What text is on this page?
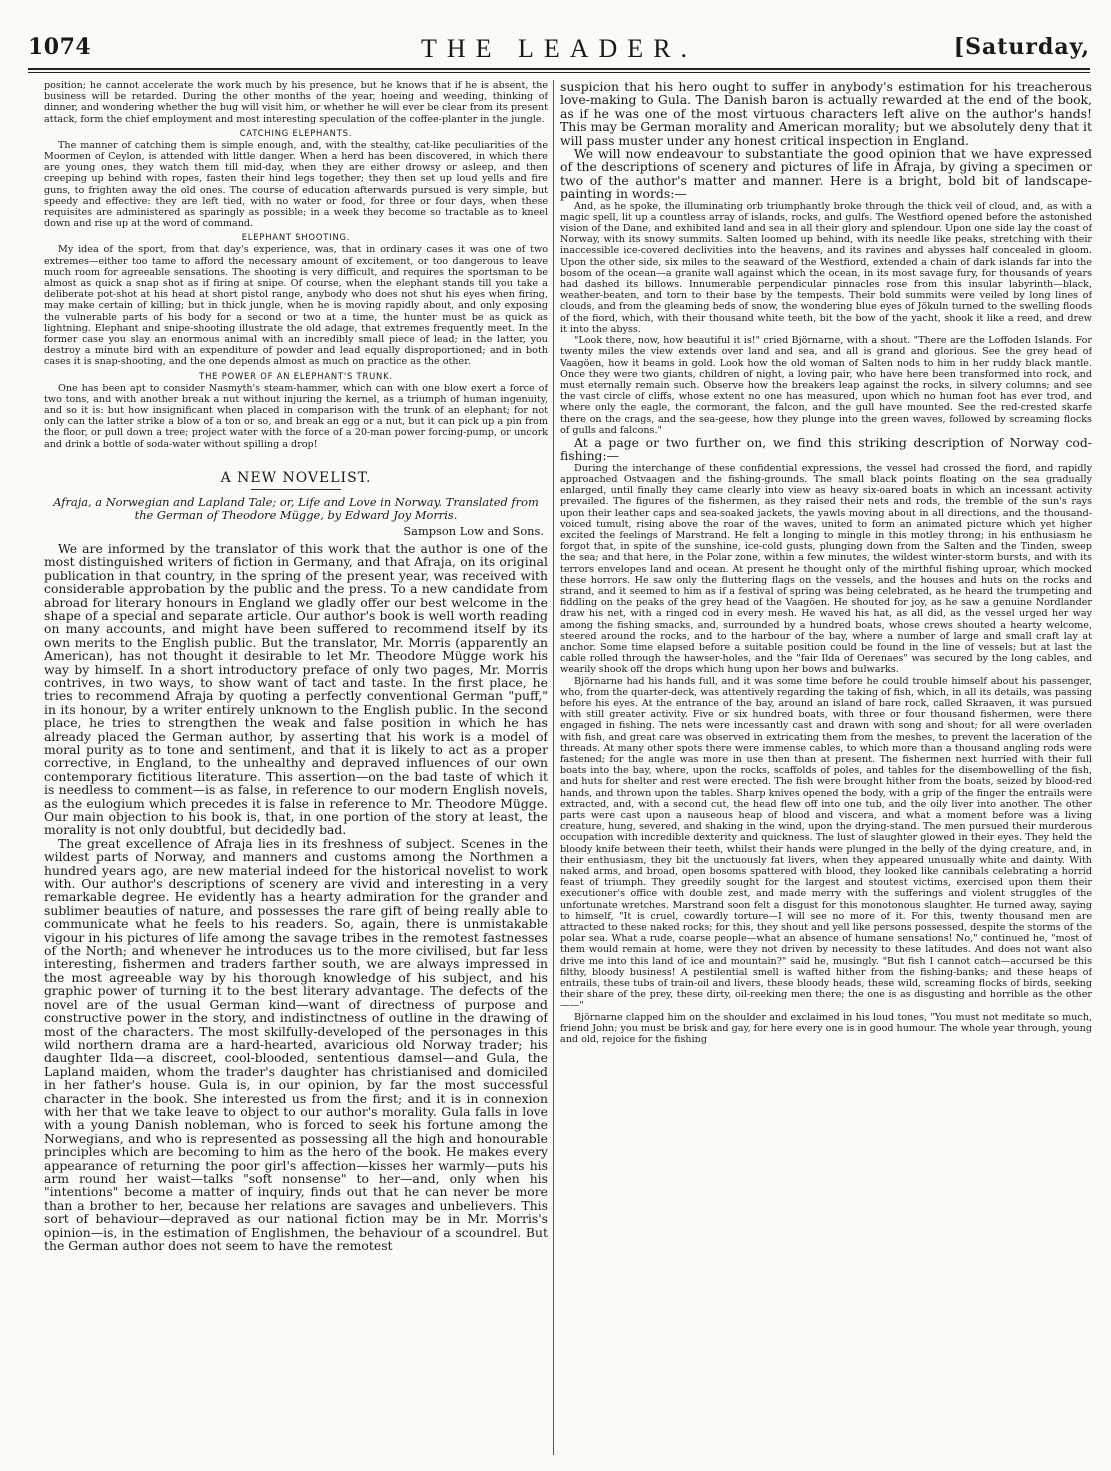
1074	THE LEADER.	[Saturday,

position; he cannot accelerate the work much by his presence, but he knows that if he is absent, the business will be retarded. During the other months of the year, hoeing and weeding, thinking of dinner, and wondering whether the bug will visit him, or whether he will ever be clear from its present attack, form the chief employment and most interesting speculation of the coffee-planter in the jungle.

CATCHING ELEPHANTS.

The manner of catching them is simple enough, and, with the stealthy, cat-like peculiarities of the Moormen of Ceylon, is attended with little danger. When a herd has been discovered, in which there are young ones, they watch them till mid-day, when they are either drowsy or asleep, and then creeping up behind with ropes, fasten their hind legs together; they then set up loud yells and fire guns, to frighten away the old ones. The course of education afterwards pursued is very simple, but speedy and effective: they are left tied, with no water or food, for three or four days, when these requisites are administered as sparingly as possible; in a week they become so tractable as to kneel down and rise up at the word of command.

ELEPHANT SHOOTING.

My idea of the sport, from that day's experience, was, that in ordinary cases it was one of two extremes—either too tame to afford the necessary amount of excitement, or too dangerous to leave much room for agreeable sensations. The shooting is very difficult, and requires the sportsman to be almost as quick a snap shot as if firing at snipe. Of course, when the elephant stands till you take a deliberate pot-shot at his head at short pistol range, anybody who does not shut his eyes when firing, may make certain of killing; but in thick jungle, when he is moving rapidly about, and only exposing the vulnerable parts of his body for a second or two at a time, the hunter must be as quick as lightning. Elephant and snipe-shooting illustrate the old adage, that extremes frequently meet. In the former case you slay an enormous animal with an incredibly small piece of lead; in the latter, you destroy a minute bird with an expenditure of powder and lead equally disproportioned; and in both cases it is snap-shooting, and the one depends almost as much on practice as the other.

THE POWER OF AN ELEPHANT'S TRUNK.

One has been apt to consider Nasmyth's steam-hammer, which can with one blow exert a force of two tons, and with another break a nut without injuring the kernel, as a triumph of human ingenuity, and so it is: but how insignificant when placed in comparison with the trunk of an elephant; for not only can the latter strike a blow of a ton or so, and break an egg or a nut, but it can pick up a pin from the floor, or pull down a tree; project water with the force of a 20-man power forcing-pump, or uncork and drink a bottle of soda-water without spilling a drop!

A NEW NOVELIST.
Afraja, a Norwegian and Lapland Tale; or, Life and Love in Norway. Translated from the German of Theodore Mügge, by Edward Joy Morris.
Sampson Low and Sons.

We are informed by the translator of this work that the author is one of the most distinguished writers of fiction in Germany, and that Afraja, on its original publication in that country, in the spring of the present year, was received with considerable approbation by the public and the press. To a new candidate from abroad for literary honours in England we gladly offer our best welcome in the shape of a special and separate article. Our author's book is well worth reading on many accounts, and might have been suffered to recommend itself by its own merits to the English public. But the translator, Mr. Morris (apparently an American), has not thought it desirable to let Mr. Theodore Mügge work his way by himself. In a short introductory preface of only two pages, Mr. Morris contrives, in two ways, to show want of tact and taste. In the first place, he tries to recommend Afraja by quoting a perfectly conventional German "puff," in its honour, by a writer entirely unknown to the English public. In the second place, he tries to strengthen the weak and false position in which he has already placed the German author, by asserting that his work is a model of moral purity as to tone and sentiment, and that it is likely to act as a proper corrective, in England, to the unhealthy and depraved influences of our own contemporary fictitious literature. This assertion—on the bad taste of which it is needless to comment—is as false, in reference to our modern English novels, as the eulogium which precedes it is false in reference to Mr. Theodore Mügge. Our main objection to his book is, that, in one portion of the story at least, the morality is not only doubtful, but decidedly bad.

The great excellence of Afraja lies in its freshness of subject. Scenes in the wildest parts of Norway, and manners and customs among the Northmen a hundred years ago, are new material indeed for the historical novelist to work with. Our author's descriptions of scenery are vivid and interesting in a very remarkable degree. He evidently has a hearty admiration for the grander and sublimer beauties of nature, and possesses the rare gift of being really able to communicate what he feels to his readers. So, again, there is unmistakable vigour in his pictures of life among the savage tribes in the remotest fastnesses of the North; and whenever he introduces us to the more civilised, but far less interesting, fishermen and traders farther south, we are always impressed in the most agreeable way by his thorough knowledge of his subject, and his graphic power of turning it to the best literary advantage. The defects of the novel are of the usual German kind—want of directness of purpose and constructive power in the story, and indistinctness of outline in the drawing of most of the characters. The most skilfully-developed of the personages in this wild northern drama are a hard-hearted, avaricious old Norway trader; his daughter Ilda—a discreet, cool-blooded, sententious damsel—and Gula, the Lapland maiden, whom the trader's daughter has christianised and domiciled in her father's house. Gula is, in our opinion, by far the most successful character in the book. She interested us from the first; and it is in connexion with her that we take leave to object to our author's morality. Gula falls in love with a young Danish nobleman, who is forced to seek his fortune among the Norwegians, and who is represented as possessing all the high and honourable principles which are becoming to him as the hero of the book. He makes every appearance of returning the poor girl's affection—kisses her warmly—puts his arm round her waist—talks "soft nonsense" to her—and, only when his "intentions" become a matter of inquiry, finds out that he can never be more than a brother to her, because her relations are savages and unbelievers. This sort of behaviour—depraved as our national fiction may be in Mr. Morris's opinion—is, in the estimation of Englishmen, the behaviour of a scoundrel. But the German author does not seem to have the remotest

suspicion that his hero ought to suffer in anybody's estimation for his treacherous love-making to Gula. The Danish baron is actually rewarded at the end of the book, as if he was one of the most virtuous characters left alive on the author's hands! This may be German morality and American morality; but we absolutely deny that it will pass muster under any honest critical inspection in England.

We will now endeavour to substantiate the good opinion that we have expressed of the descriptions of scenery and pictures of life in Afraja, by giving a specimen or two of the author's matter and manner. Here is a bright, bold bit of landscape-painting in words:—

And, as he spoke, the illuminating orb triumphantly broke through the thick veil of cloud, and, as with a magic spell, lit up a countless array of islands, rocks, and gulfs. The Westfiord opened before the astonished vision of the Dane, and exhibited land and sea in all their glory and splendour. Upon one side lay the coast of Norway, with its snowy summits. Salten loomed up behind, with its needle like peaks, stretching with their inaccessible ice-covered declivities into the heavens, and its ravines and abysses half concealed in gloom. Upon the other side, six miles to the seaward of the Westfiord, extended a chain of dark islands far into the bosom of the ocean—a granite wall against which the ocean, in its most savage fury, for thousands of years had dashed its billows. Innumerable perpendicular pinnacles rose from this insular labyrinth—black, weather-beaten, and torn to their base by the tempests. Their bold summits were veiled by long lines of clouds, and from the gleaming beds of snow, the wondering blue eyes of Jökuln turned to the swelling floods of the fiord, which, with their thousand white teeth, bit the bow of the yacht, shook it like a reed, and drew it into the abyss.

"Look there, now, how beautiful it is!" cried Björnarne, with a shout. "There are the Loffoden Islands. For twenty miles the view extends over land and sea, and all is grand and glorious. See the grey head of Vaagöen, how it beams in gold. Look how the old woman of Salten nods to him in her ruddy black mantle. Once they were two giants, children of night, a loving pair, who have here been transformed into rock, and must eternally remain such. Observe how the breakers leap against the rocks, in silvery columns; and see the vast circle of cliffs, whose extent no one has measured, upon which no human foot has ever trod, and where only the eagle, the cormorant, the falcon, and the gull have mounted. See the red-crested skarfe there on the crags, and the sea-geese, how they plunge into the green waves, followed by screaming flocks of gulls and falcons."

At a page or two further on, we find this striking description of Norway cod-fishing:—

During the interchange of these confidential expressions, the vessel had crossed the fiord, and rapidly approached Ostvaagen and the fishing-grounds. The small black points floating on the sea gradually enlarged, until finally they came clearly into view as heavy six-oared boats in which an incessant activity prevailed. The figures of the fishermen, as they raised their nets and rods, the tremble of the sun's rays upon their leather caps and sea-soaked jackets, the yawls moving about in all directions, and the thousand-voiced tumult, rising above the roar of the waves, united to form an animated picture which yet higher excited the feelings of Marstrand. He felt a longing to mingle in this motley throng; in his enthusiasm he forgot that, in spite of the sunshine, ice-cold gusts, plunging down from the Salten and the Tinden, sweep the sea; and that here, in the Polar zone, within a few minutes, the wildest winter-storm bursts, and with its terrors envelopes land and ocean. At present he thought only of the mirthful fishing uproar, which mocked these horrors. He saw only the fluttering flags on the vessels, and the houses and huts on the rocks and strand, and it seemed to him as if a festival of spring was being celebrated, as he heard the trumpeting and fiddling on the peaks of the grey head of the Vaagöen. He shouted for joy, as he saw a genuine Nordlander draw his net, with a ringed cod in every mesh. He waved his hat, as all did, as the vessel urged her way among the fishing smacks, and, surrounded by a hundred boats, whose crews shouted a hearty welcome, steered around the rocks, and to the harbour of the bay, where a number of large and small craft lay at anchor. Some time elapsed before a suitable position could be found in the line of vessels; but at last the cable rolled through the hawser-holes, and the "fair Ilda of Oerenaes" was secured by the long cables, and wearily shook off the drops which hung upon her bows and bulwarks.

Björnarne had his hands full, and it was some time before he could trouble himself about his passenger, who, from the quarter-deck, was attentively regarding the taking of fish, which, in all its details, was passing before his eyes. At the entrance of the bay, around an island of bare rock, called Skraaven, it was pursued with still greater activity. Five or six hundred boats, with three or four thousand fishermen, were there engaged in fishing. The nets were incessantly cast and drawn with song and shout; for all were overladen with fish, and great care was observed in extricating them from the meshes, to prevent the laceration of the threads. At many other spots there were immense cables, to which more than a thousand angling rods were fastened; for the angle was more in use then than at present. The fishermen next hurried with their full boats into the bay, where, upon the rocks, scaffolds of poles, and tables for the disembowelling of the fish, and huts for shelter and rest were erected. The fish were brought hither from the boats, seized by blood-red hands, and thrown upon the tables. Sharp knives opened the body, with a grip of the finger the entrails were extracted, and, with a second cut, the head flew off into one tub, and the oily liver into another. The other parts were cast upon a nauseous heap of blood and viscera, and what a moment before was a living creature, hung, severed, and shaking in the wind, upon the drying-stand. The men pursued their murderous occupation with incredible dexterity and quickness. The lust of slaughter glowed in their eyes. They held the bloody knife between their teeth, whilst their hands were plunged in the belly of the dying creature, and, in their enthusiasm, they bit the unctuously fat livers, when they appeared unusually white and dainty. With naked arms, and broad, open bosoms spattered with blood, they looked like cannibals celebrating a horrid feast of triumph. They greedily sought for the largest and stoutest victims, exercised upon them their executioner's office with double zest, and made merry with the sufferings and violent struggles of the unfortunate wretches. Marstrand soon felt a disgust for this monotonous slaughter. He turned away, saying to himself, "It is cruel, cowardly torture—I will see no more of it. For this, twenty thousand men are attracted to these naked rocks; for this, they shout and yell like persons possessed, despite the storms of the polar sea. What a rude, coarse people—what an absence of humane sensations! No," continued he, "most of them would remain at home, were they not driven by necessity to these latitudes. And does not want also drive me into this land of ice and mountain?" said he, musingly. "But fish I cannot catch—accursed be this filthy, bloody business! A pestilential smell is wafted hither from the fishing-banks; and these heaps of entrails, these tubs of train-oil and livers, these bloody heads, these wild, screaming flocks of birds, seeking their share of the prey, these dirty, oil-reeking men there; the one is as disgusting and horrible as the other——"

Björnarne clapped him on the shoulder and exclaimed in his loud tones, "You must not meditate so much, friend John; you must be brisk and gay, for here every one is in good humour. The whole year through, young and old, rejoice for the fishing
